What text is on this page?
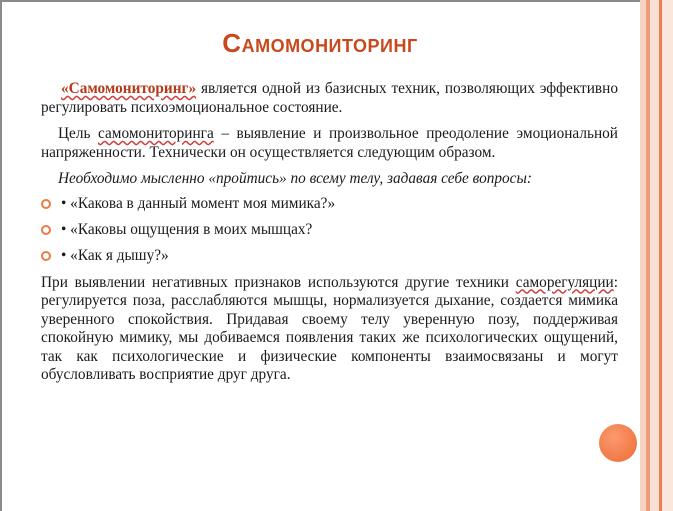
Самомониторинг

«Самомониторинг» является одной из базисных техник, позволяющих эффективно регулировать психоэмоциональное состояние.

Цель самомониторинга – выявление и произвольное преодоление эмоциональной напряженности. Технически он осуществляется следующим образом.

Необходимо мысленно «пройтись» по всему телу, задавая себе вопросы:

• «Какова в данный момент моя мимика?»
• «Каковы ощущения в моих мышцах?
• «Как я дышу?»

При выявлении негативных признаков используются другие техники саморегуляции: регулируется поза, расслабляются мышцы, нормализуется дыхание, создается мимика уверенного спокойствия. Придавая своему телу уверенную позу, поддерживая спокойную мимику, мы добиваемся появления таких же психологических ощущений, так как психологические и физические компоненты взаимосвязаны и могут обусловливать восприятие друг друга.
